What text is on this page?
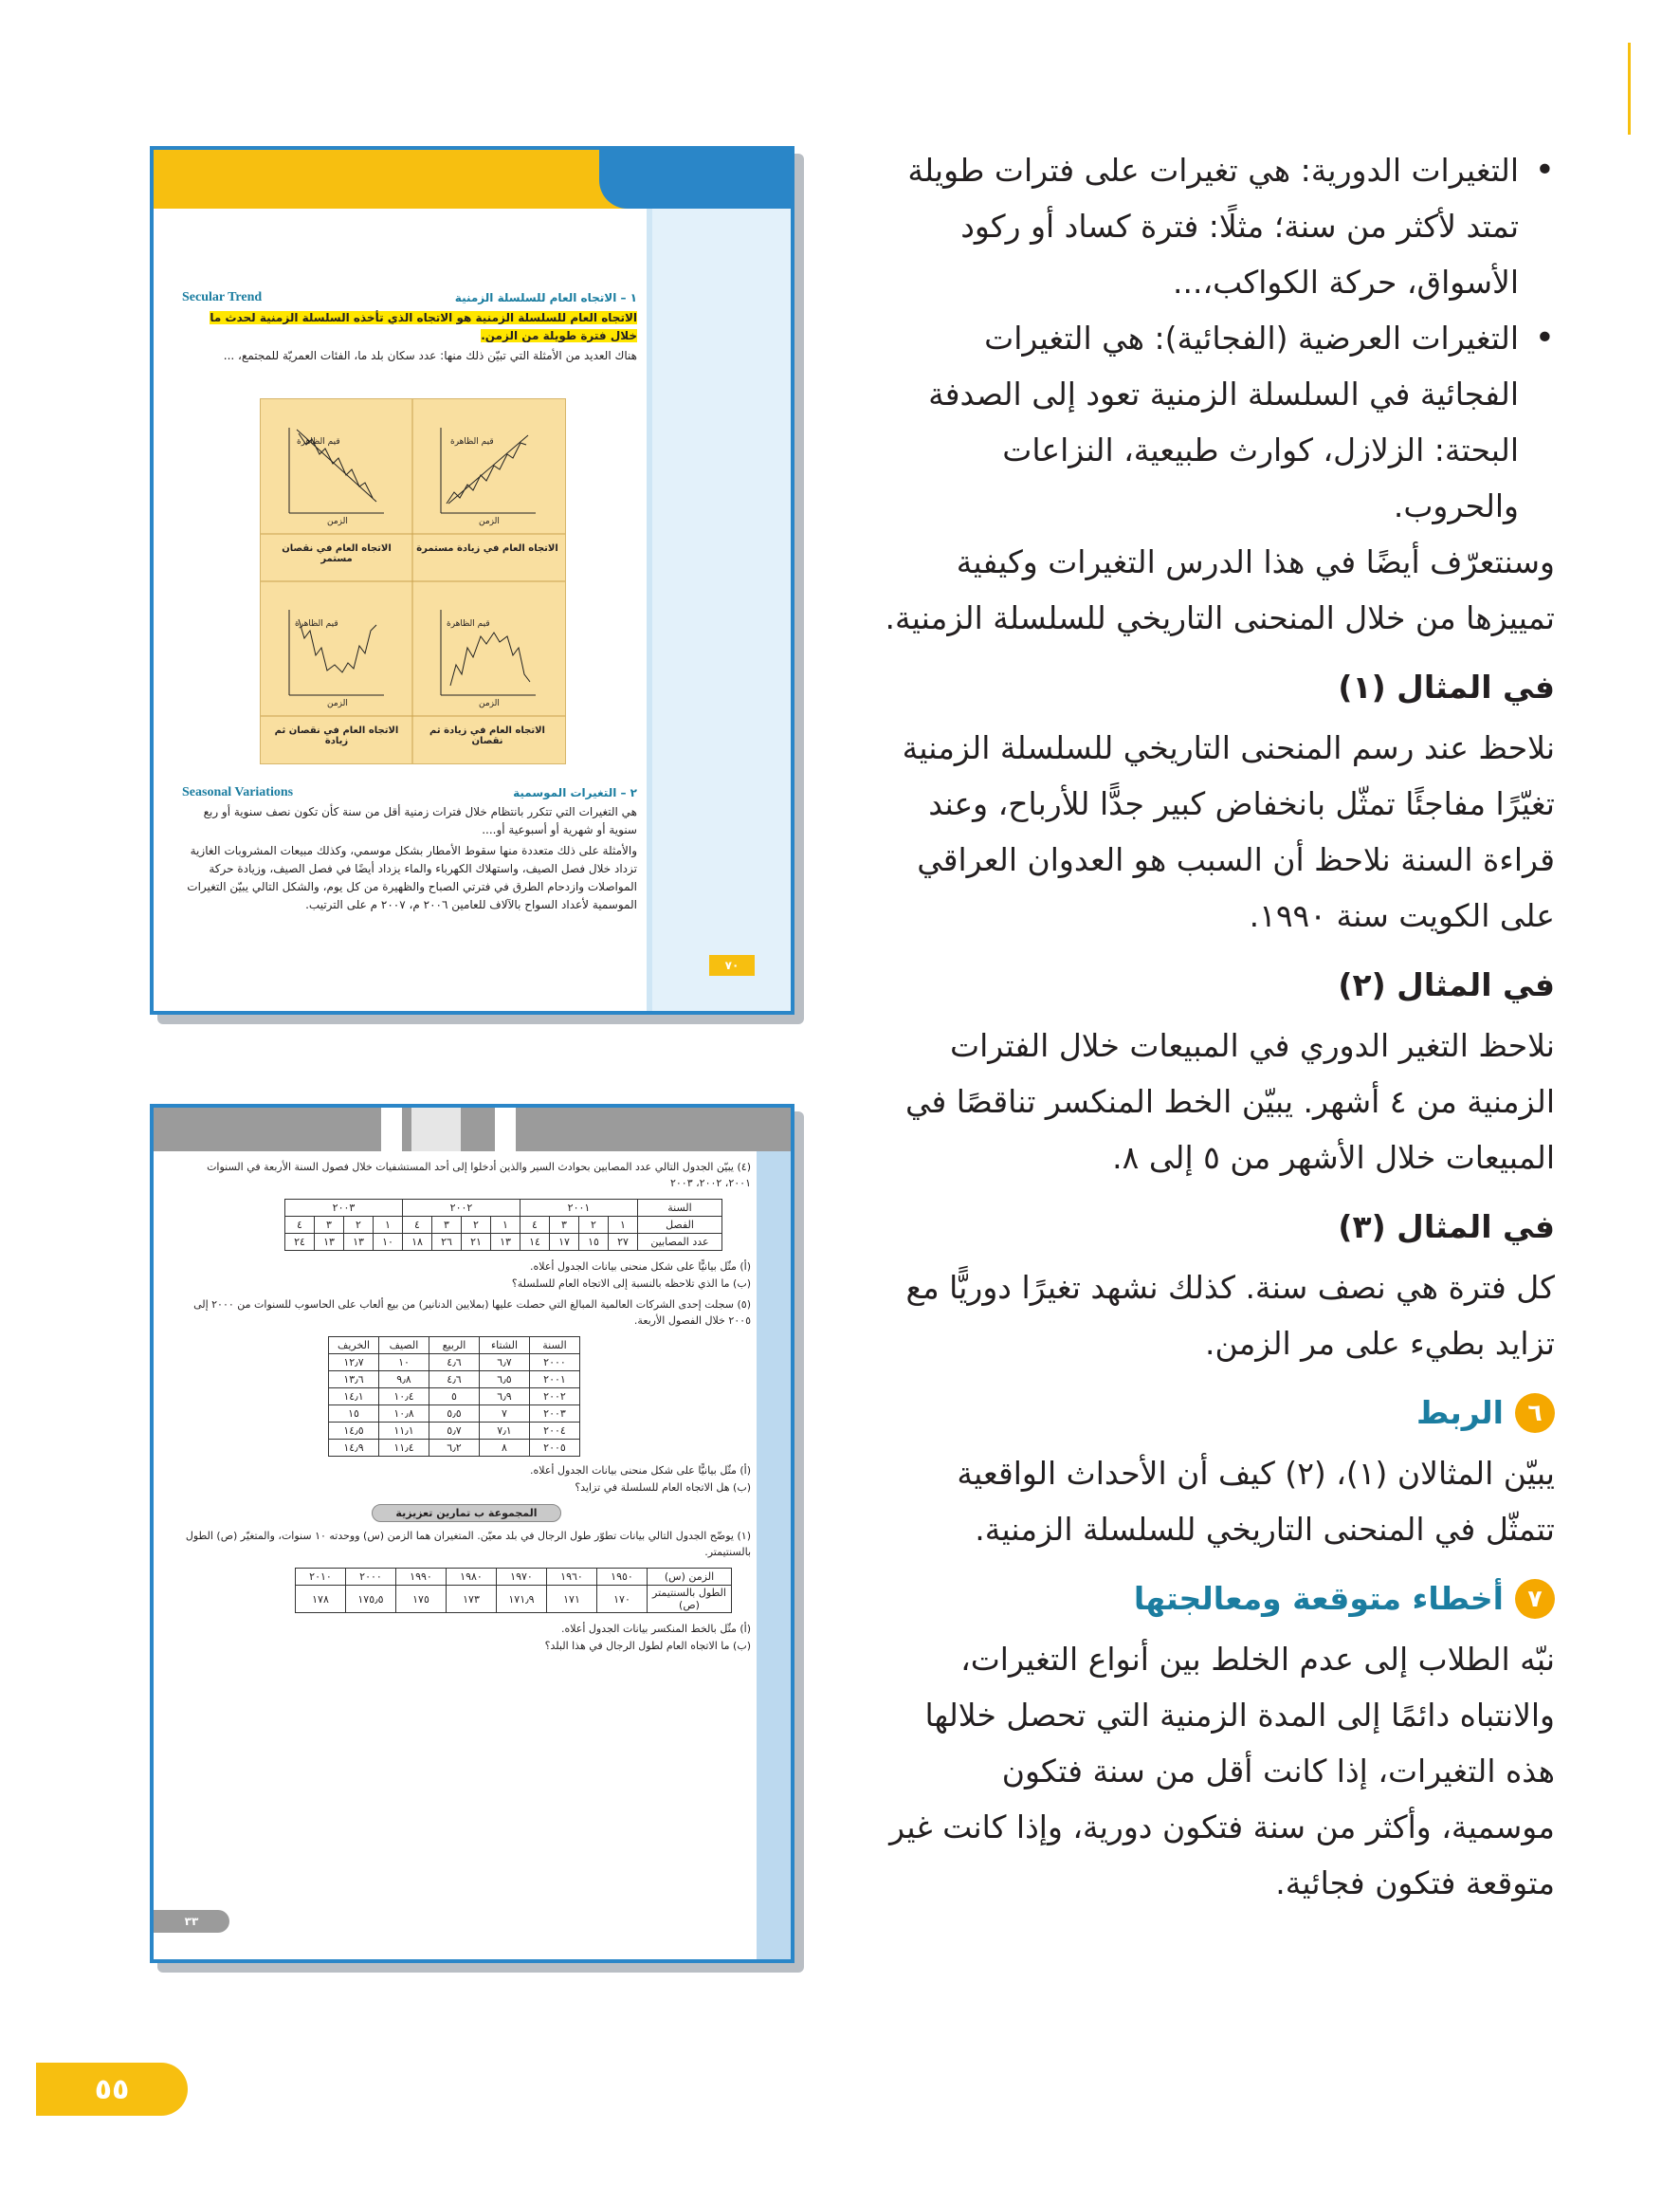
• التغيرات الدورية: هي تغيرات على فترات طويلة تمتد لأكثر من سنة؛ مثلًا: فترة كساد أو ركود الأسواق، حركة الكواكب،...

• التغيرات العرضية (الفجائية): هي التغيرات الفجائية في السلسلة الزمنية تعود إلى الصدفة البحتة: الزلازل، كوارث طبيعية، النزاعات والحروب.

وسنتعرّف أيضًا في هذا الدرس التغيرات وكيفية تمييزها من خلال المنحنى التاريخي للسلسلة الزمنية.

في المثال (١)

نلاحظ عند رسم المنحنى التاريخي للسلسلة الزمنية تغيّرًا مفاجئًا تمثّل بانخفاض كبير جدًّا للأرباح، وعند قراءة السنة نلاحظ أن السبب هو العدوان العراقي على الكويت سنة ١٩٩٠.

في المثال (٢)

نلاحظ التغير الدوري في المبيعات خلال الفترات الزمنية من ٤ أشهر. يبيّن الخط المنكسر تناقصًا في المبيعات خلال الأشهر من ٥ إلى ٨.

في المثال (٣)

كل فترة هي نصف سنة. كذلك نشهد تغيرًا دوريًّا مع تزايد بطيء على مر الزمن.

٦
الربط

يبيّن المثالان (١)، (٢) كيف أن الأحداث الواقعية تتمثّل في المنحنى التاريخي للسلسلة الزمنية.

٧
أخطاء متوقعة ومعالجتها

نبّه الطلاب إلى عدم الخلط بين أنواع التغيرات، والانتباه دائمًا إلى المدة الزمنية التي تحصل خلالها هذه التغيرات، إذا كانت أقل من سنة فتكون موسمية، وأكثر من سنة فتكون دورية، وإذا كانت غير متوقعة فتكون فجائية.

٥٥
١ – الاتجاه العام للسلسلة الزمنية
Secular Trend
الاتجاه العام للسلسلة الزمنية هو الاتجاه الذي تأخذه السلسلة الزمنية لحدث ما خلال فترة طويلة من الزمن.
هناك العديد من الأمثلة التي تبيّن ذلك منها: عدد سكان بلد ما، الفئات العمريّة للمجتمع، ...
قيم الظاهرة
قيم الظاهرة
قيم الظاهرة
قيم الظاهرة
الزمن
الزمن
الزمن
الزمن
الاتجاه العام في زيادة مستمرة
الاتجاه العام في نقصان مستمر
الاتجاه العام في زيادة ثم نقصان
الاتجاه العام في نقصان ثم زيادة
٢ – التغيرات الموسمية
Seasonal Variations
هي التغيرات التي تتكرر بانتظام خلال فترات زمنية أقل من سنة كأن تكون نصف سنوية أو ربع سنوية أو شهرية أو أسبوعية أو....
والأمثلة على ذلك متعددة منها سقوط الأمطار بشكل موسمي، وكذلك مبيعات المشروبات الغازية تزداد خلال فصل الصيف، واستهلاك الكهرباء والماء يزداد أيضًا في فصل الصيف، وزيادة حركة المواصلات وازدحام الطرق في فترتي الصباح والظهيرة من كل يوم، والشكل التالي يبيّن التغيرات الموسمية لأعداد السواح بالآلاف للعامين ٢٠٠٦ م، ٢٠٠٧ م على الترتيب.
٧٠
(٤) يبيّن الجدول التالي عدد المصابين بحوادث السير والذين أدخلوا إلى أحد المستشفيات خلال فصول السنة الأربعة في السنوات ٢٠٠١، ٢٠٠٢، ٢٠٠٣
السنة	٢٠٠١				٢٠٠٢				٢٠٠٣			
الفصل	١	٢	٣	٤	١	٢	٣	٤	١	٢	٣	٤
عدد المصابين	٢٧	١٥	١٧	١٤	١٣	٢١	٢٦	١٨	١٠	١٣	١٣	٢٤
(أ) مثّل بيانيًّا على شكل منحنى بيانات الجدول أعلاه.
(ب) ما الذي تلاحظه بالنسبة إلى الاتجاه العام للسلسلة؟
(٥) سجلت إحدى الشركات العالمية المبالغ التي حصلت عليها (بملايين الدنانير) من بيع ألعاب على الحاسوب للسنوات من ٢٠٠٠ إلى ٢٠٠٥ خلال الفصول الأربعة.
السنة	الشتاء	الربيع	الصيف	الخريف
٢٠٠٠	٦٫٧	٤٫٦	١٠	١٢٫٧
٢٠٠١	٦٫٥	٤٫٦	٩٫٨	١٣٫٦
٢٠٠٢	٦٫٩	٥	١٠٫٤	١٤٫١
٢٠٠٣	٧	٥٫٥	١٠٫٨	١٥
٢٠٠٤	٧٫١	٥٫٧	١١٫١	١٤٫٥
٢٠٠٥	٨	٦٫٢	١١٫٤	١٤٫٩
(أ) مثّل بيانيًّا على شكل منحنى بيانات الجدول أعلاه.
(ب) هل الاتجاه العام للسلسلة في تزايد؟
المجموعة ب تمارين تعزيزية
(١) يوضّح الجدول التالي بيانات تطوّر طول الرجال في بلد معيّن. المتغيران هما الزمن (س) ووحدته ١٠ سنوات، والمتغيّر (ص) الطول بالسنتيمتر.
الزمن (س)	١٩٥٠	١٩٦٠	١٩٧٠	١٩٨٠	١٩٩٠	٢٠٠٠	٢٠١٠
الطول بالسنتيمتر (ص)	١٧٠	١٧١	١٧١٫٩	١٧٣	١٧٥	١٧٥٫٥	١٧٨
(أ) مثّل بالخط المنكسر بيانات الجدول أعلاه.
(ب) ما الاتجاه العام لطول الرجال في هذا البلد؟
٣٣
